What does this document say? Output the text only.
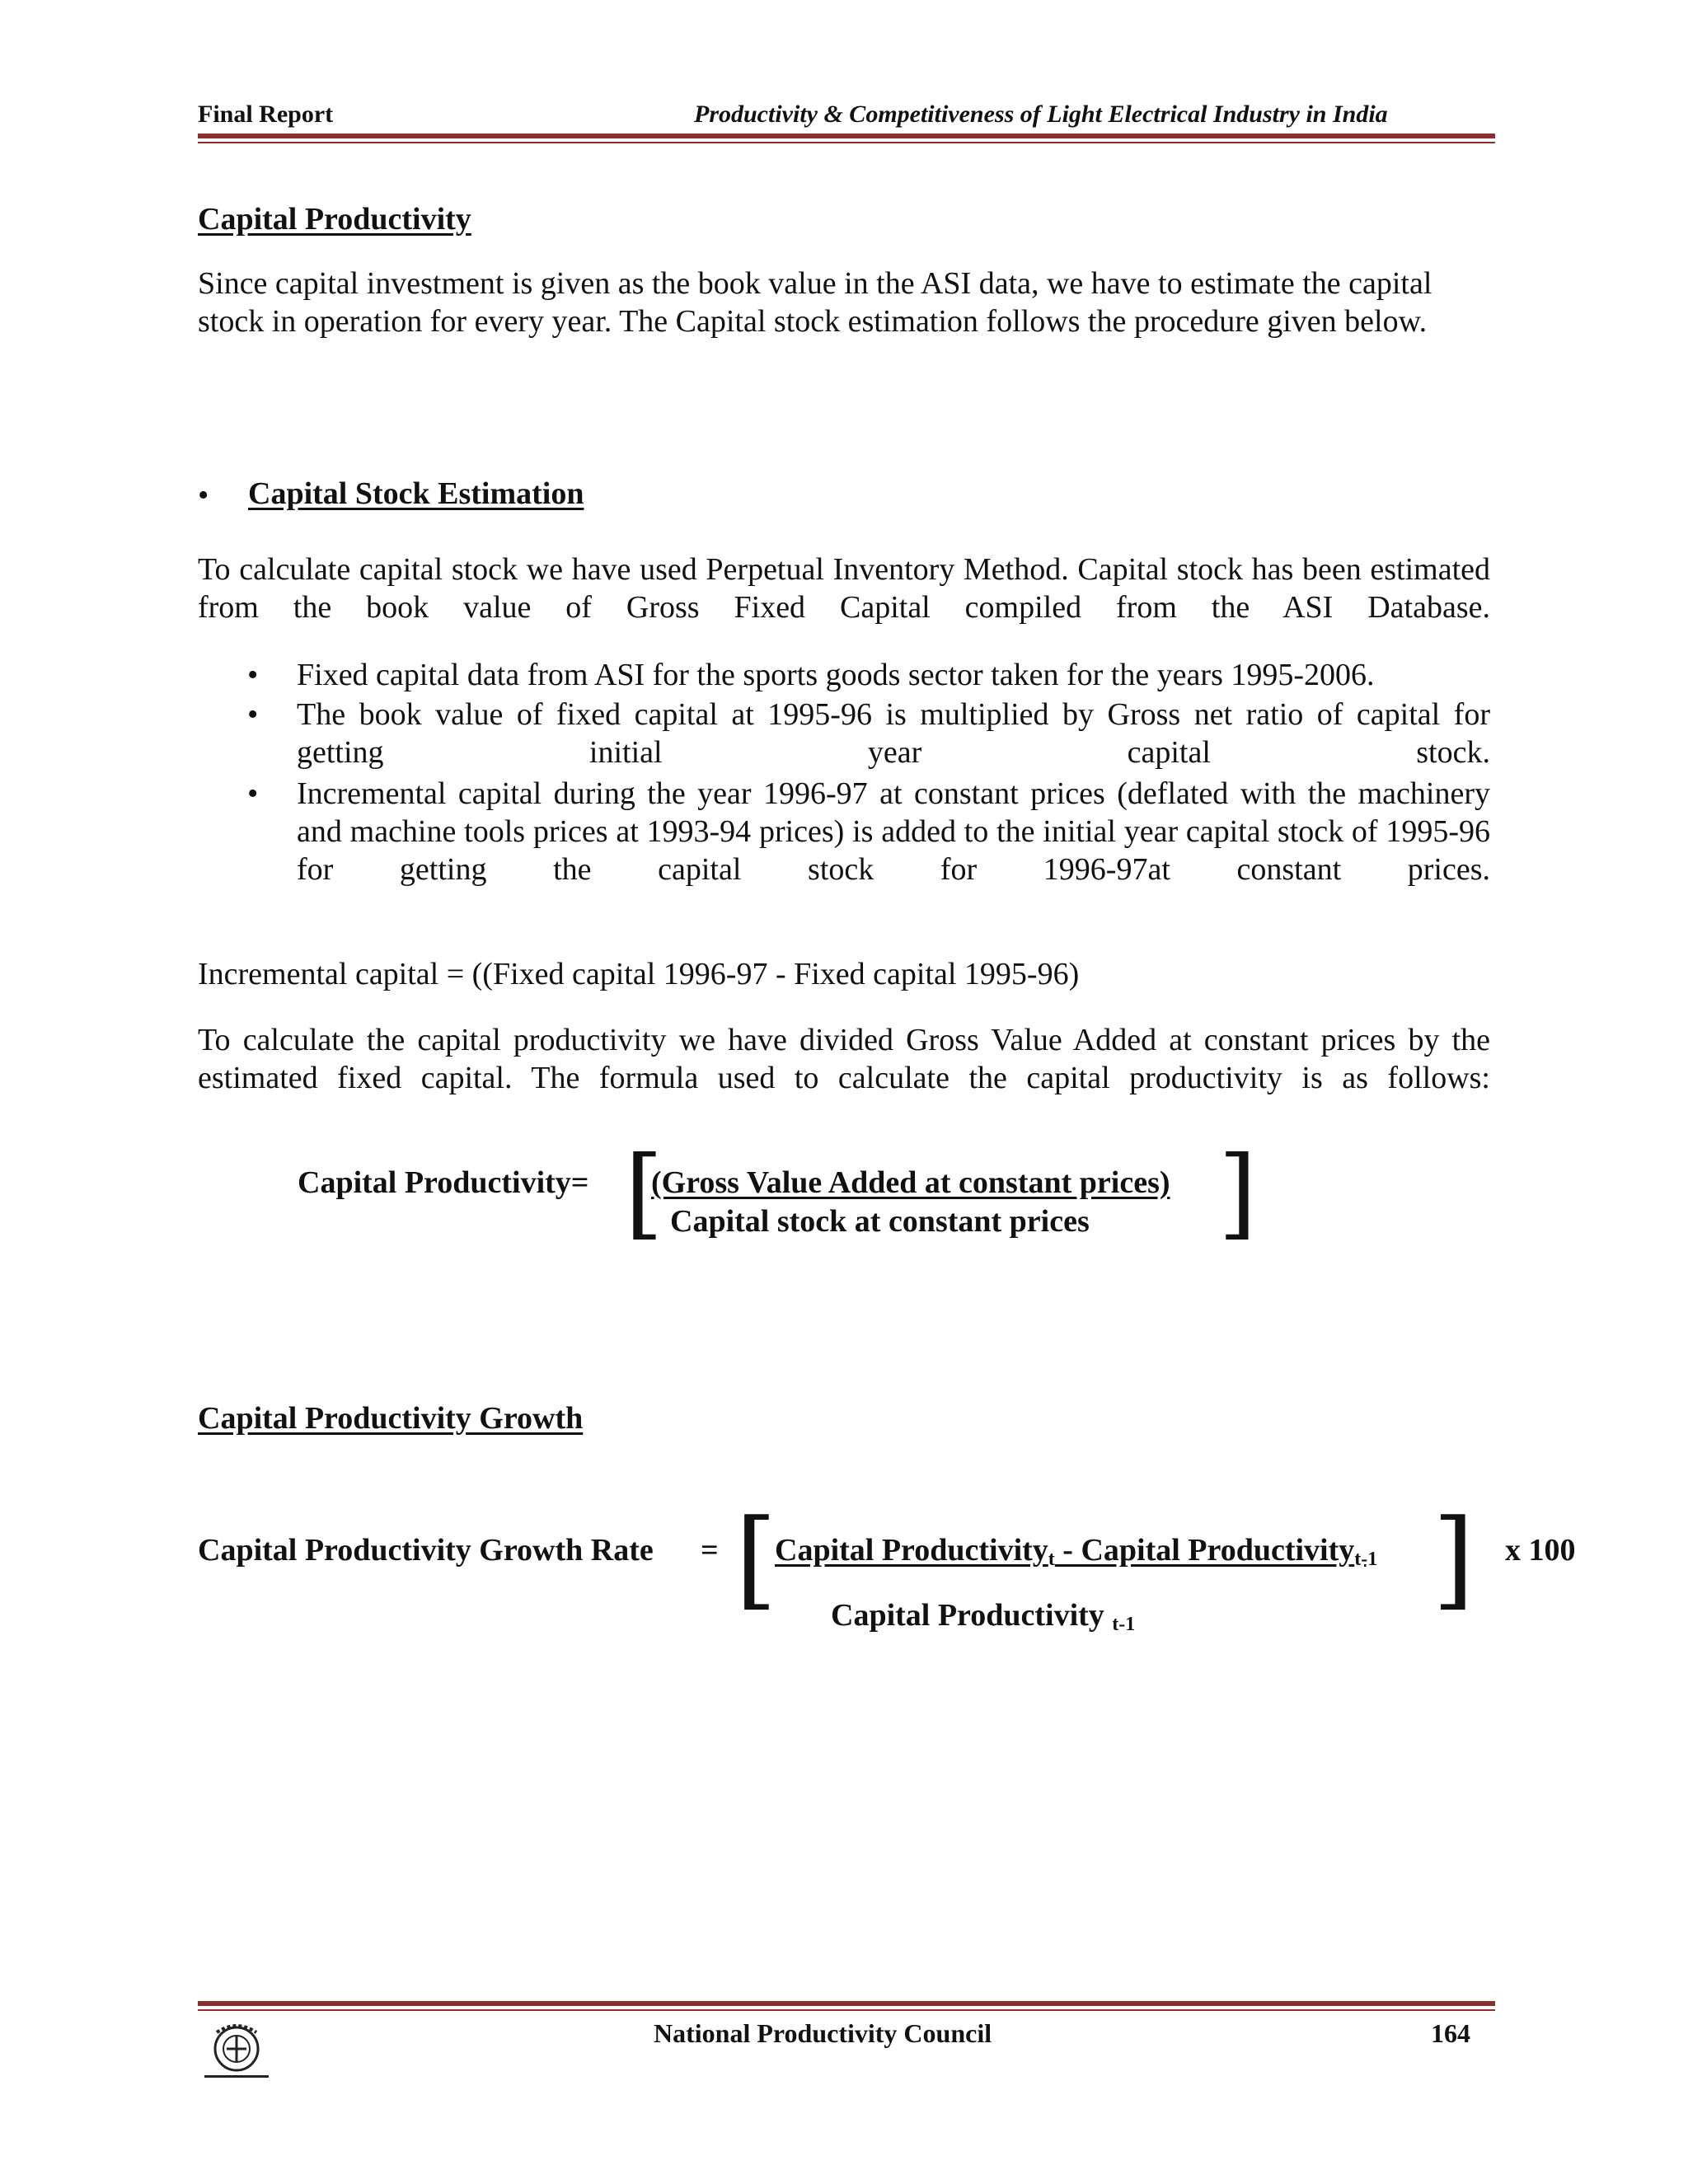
Final Report	Productivity & Competitiveness of Light Electrical Industry in India
Capital Productivity
Since capital investment is given as the book value in the ASI data, we have to estimate the capital stock in operation for every year. The Capital stock estimation follows the procedure given below.
• Capital Stock Estimation
To calculate capital stock we have used Perpetual Inventory Method. Capital stock has been estimated from the book value of Gross Fixed Capital compiled from the ASI Database.
• Fixed capital data from ASI for the sports goods sector taken for the years 1995-2006.
• The book value of fixed capital at 1995-96 is multiplied by Gross net ratio of capital for getting initial year capital stock.
• Incremental capital during the year 1996-97 at constant prices (deflated with the machinery and machine tools prices at 1993-94 prices) is added to the initial year capital stock of 1995-96 for getting the capital stock for 1996-97at constant prices.
Incremental capital = ((Fixed capital 1996-97 - Fixed capital 1995-96)
To calculate the capital productivity we have divided Gross Value Added at constant prices by the estimated fixed capital. The formula used to calculate the capital productivity is as follows:
Capital Productivity= [
(Gross Value Added at constant prices)
Capital stock at constant prices ]
Capital Productivity Growth
Capital Productivity Growth Rate = [
Capital Productivity$_t$ - Capital Productivity$_{t-1}$ ] x 100
Capital Productivity $_{t-1}$
National Productivity Council	164
